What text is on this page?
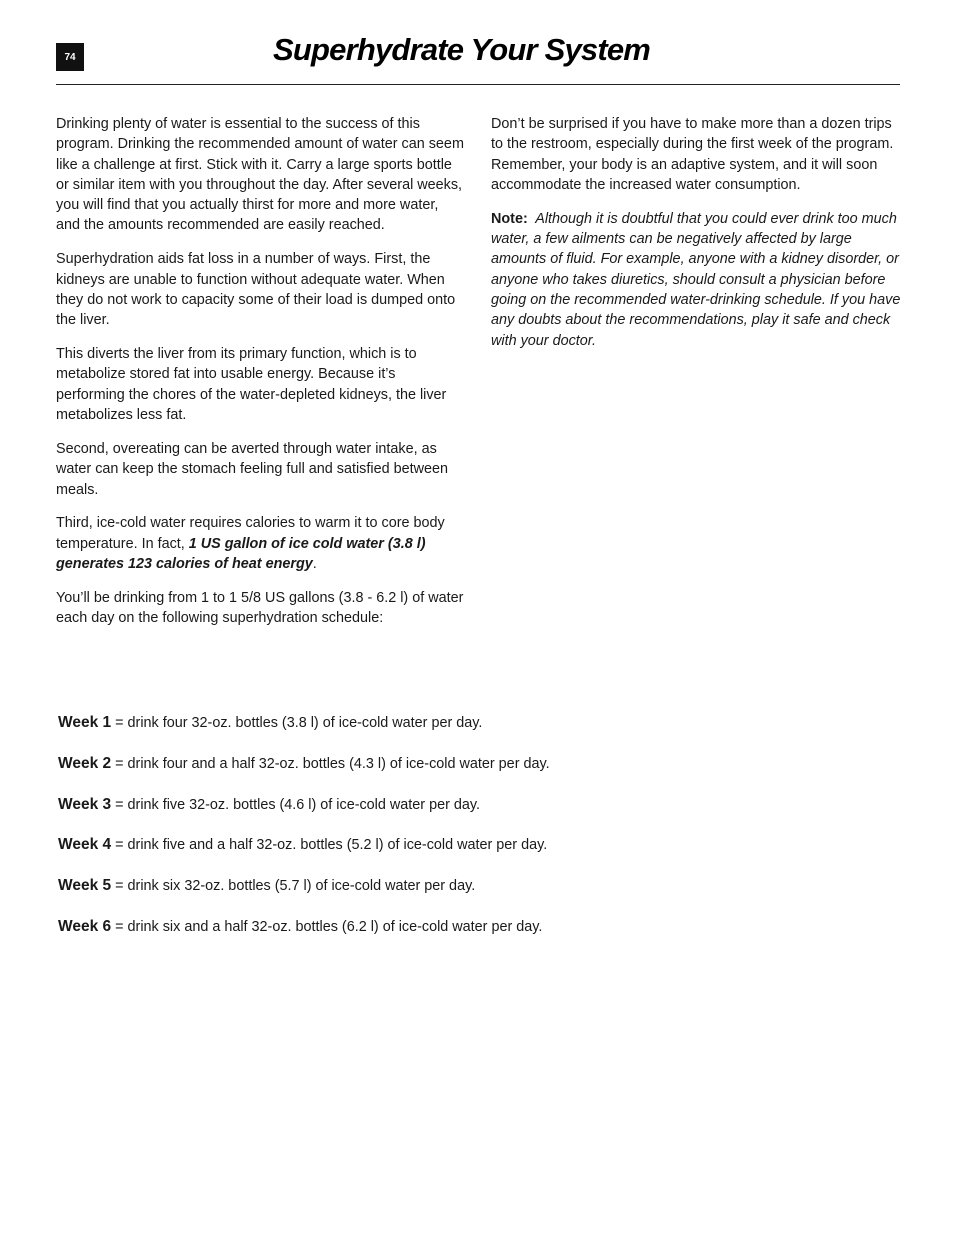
74	Superhydrate Your System

Drinking plenty of water is essential to the success of this program. Drinking the recommended amount of water can seem like a challenge at first. Stick with it. Carry a large sports bottle or similar item with you throughout the day. After several weeks, you will find that you actually thirst for more and more water, and the amounts recommended are easily reached.

Superhydration aids fat loss in a number of ways. First, the kidneys are unable to function without adequate water. When they do not work to capacity some of their load is dumped onto the liver.

This diverts the liver from its primary function, which is to metabolize stored fat into usable energy. Because it’s performing the chores of the water-depleted kidneys, the liver metabolizes less fat.

Second, overeating can be averted through water intake, as water can keep the stomach feeling full and satisfied between meals.

Third, ice-cold water requires calories to warm it to core body temperature. In fact, 1 US gallon of ice cold water (3.8 l) generates 123 calories of heat energy.

You’ll be drinking from 1 to 1 5/8 US gallons (3.8 - 6.2 l) of water each day on the following superhydration schedule:

Don’t be surprised if you have to make more than a dozen trips to the restroom, especially during the first week of the program. Remember, your body is an adaptive system, and it will soon accommodate the increased water consumption.

Note: Although it is doubtful that you could ever drink too much water, a few ailments can be negatively affected by large amounts of fluid. For example, anyone with a kidney disorder, or anyone who takes diuretics, should consult a physician before going on the recommended water-drinking schedule. If you have any doubts about the recommendations, play it safe and check with your doctor.

Week 1 = drink four 32-oz. bottles (3.8 l) of ice-cold water per day.
Week 2 = drink four and a half 32-oz. bottles (4.3 l) of ice-cold water per day.
Week 3 = drink five 32-oz. bottles (4.6 l) of ice-cold water per day.
Week 4 = drink five and a half 32-oz. bottles (5.2 l) of ice-cold water per day.
Week 5 = drink six 32-oz. bottles (5.7 l) of ice-cold water per day.
Week 6 = drink six and a half 32-oz. bottles (6.2 l) of ice-cold water per day.
